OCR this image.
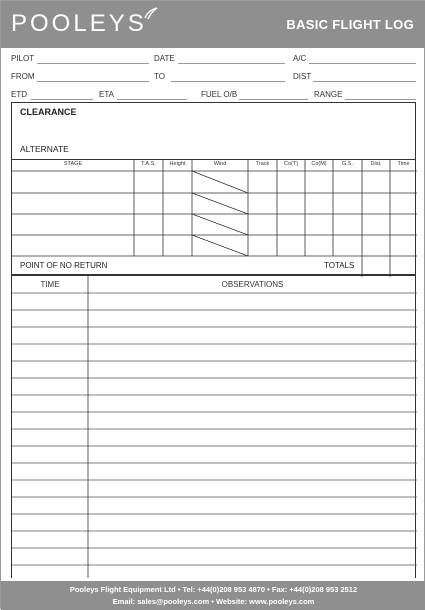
POOLEYS	BASIC FLIGHT LOG
PILOT	DATE	A/C
FROM	TO	DIST
ETD	ETA	FUEL O/B	RANGE
CLEARANCE
ALTERNATE
STAGE	T.A.S.	Height	Wind	Track	Co(T)	Co(M)	G.S.	Dist.	Time
POINT OF NO RETURN	TOTALS
TIME	OBSERVATIONS
Pooleys Flight Equipment Ltd • Tel: +44(0)208 953 4870 • Fax: +44(0)208 953 2512
Email: sales@pooleys.com • Website: www.pooleys.com
